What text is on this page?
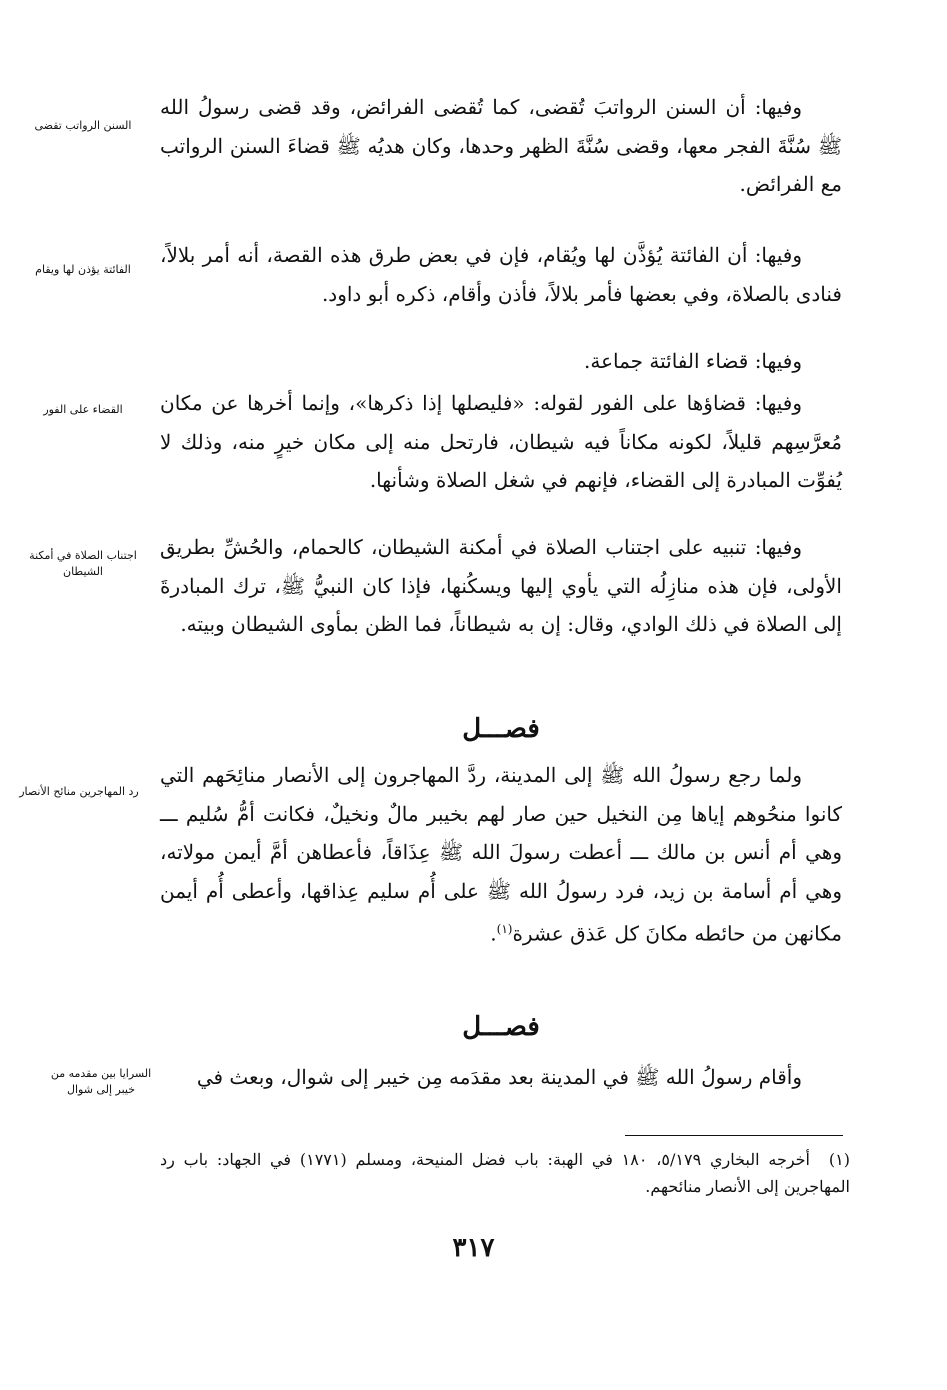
وفيها: أن السنن الرواتبَ تُقضى، كما تُقضى الفرائض، وقد قضى رسولُ الله ﷺ سُنَّةَ الفجر معها، وقضى سُنَّةَ الظهر وحدها، وكان هديُه ﷺ قضاءَ السنن الرواتب مع الفرائض.

وفيها: أن الفائتة يُؤذَّن لها ويُقام، فإن في بعض طرق هذه القصة، أنه أمر بلالاً، فنادى بالصلاة، وفي بعضها فأمر بلالاً، فأذن وأقام، ذكره أبو داود.

وفيها: قضاء الفائتة جماعة.

وفيها: قضاؤها على الفور لقوله: «فليصلها إذا ذكرها»، وإنما أخرها عن مكان مُعرَّسِهم قليلاً، لكونه مكاناً فيه شيطان، فارتحل منه إلى مكان خيرٍ منه، وذلك لا يُفوِّت المبادرة إلى القضاء، فإنهم في شغل الصلاة وشأنها.

وفيها: تنبيه على اجتناب الصلاة في أمكنة الشيطان، كالحمام، والحُشِّ بطريق الأولى، فإن هذه منازِلُه التي يأوي إليها ويسكُنها، فإذا كان النبيُّ ﷺ، ترك المبادرةَ إلى الصلاة في ذلك الوادي، وقال: إن به شيطاناً، فما الظن بمأوى الشيطان وبيته.

فصـــل

ولما رجع رسولُ الله ﷺ إلى المدينة، ردَّ المهاجرون إلى الأنصار منائِحَهم التي كانوا منحُوهم إياها مِن النخيل حين صار لهم بخيبر مالٌ ونخيلٌ، فكانت أمُّ سُليم ـــ وهي أم أنس بن مالك ـــ أعطت رسولَ الله ﷺ عِذَاقاً، فأعطاهن أمَّ أيمن مولاته، وهي أم أسامة بن زيد، فرد رسولُ الله ﷺ على أُم سليم عِذاقها، وأعطى أُم أيمن مكانهن من حائطه مكانَ كل عَذق عشرة$^{(١)}$.

فصـــل

وأقام رسولُ الله ﷺ في المدينة بعد مقدَمه مِن خيبر إلى شوال، وبعث في

السنن الرواتب تقضى
الفائتة يؤذن لها ويقام
القضاء على الفور
اجتناب الصلاة في أمكنة الشيطان
رد المهاجرين منائح الأنصار
السرايا بين مقدمه من خيبر إلى شوال
(١)أخرجه البخاري ٥/١٧٩، ١٨٠ في الهبة: باب فضل المنيحة، ومسلم (١٧٧١) في الجهاد: باب رد المهاجرين إلى الأنصار منائحهم.
٣١٧
